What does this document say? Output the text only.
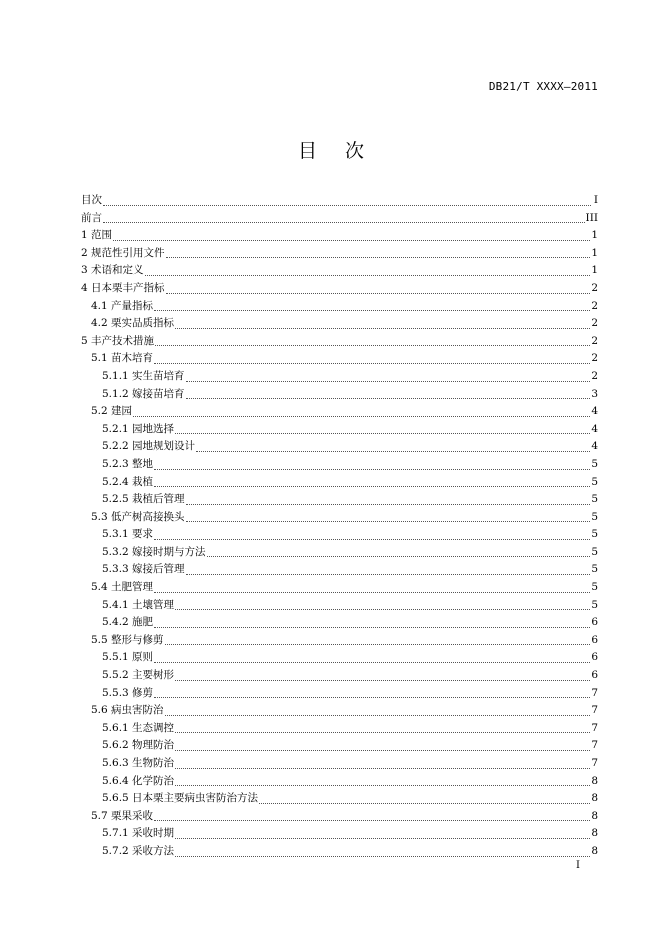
DB21/T XXXX—2011
目次
目次	I
前言	III
1 范围	1
2 规范性引用文件	1
3 术语和定义	1
4 日本栗丰产指标	2
4.1 产量指标	2
4.2 栗实品质指标	2
5 丰产技术措施	2
5.1 苗木培育	2
5.1.1 实生苗培育	2
5.1.2 嫁接苗培育	3
5.2 建园	4
5.2.1 园地选择	4
5.2.2 园地规划设计	4
5.2.3 整地	5
5.2.4 栽植	5
5.2.5 栽植后管理	5
5.3 低产树高接换头	5
5.3.1 要求	5
5.3.2 嫁接时期与方法	5
5.3.3 嫁接后管理	5
5.4 土肥管理	5
5.4.1 土壤管理	5
5.4.2 施肥	6
5.5 整形与修剪	6
5.5.1 原则	6
5.5.2 主要树形	6
5.5.3 修剪	7
5.6 病虫害防治	7
5.6.1 生态调控	7
5.6.2 物理防治	7
5.6.3 生物防治	7
5.6.4 化学防治	8
5.6.5 日本栗主要病虫害防治方法	8
5.7 栗果采收	8
5.7.1 采收时期	8
5.7.2 采收方法	8
I
